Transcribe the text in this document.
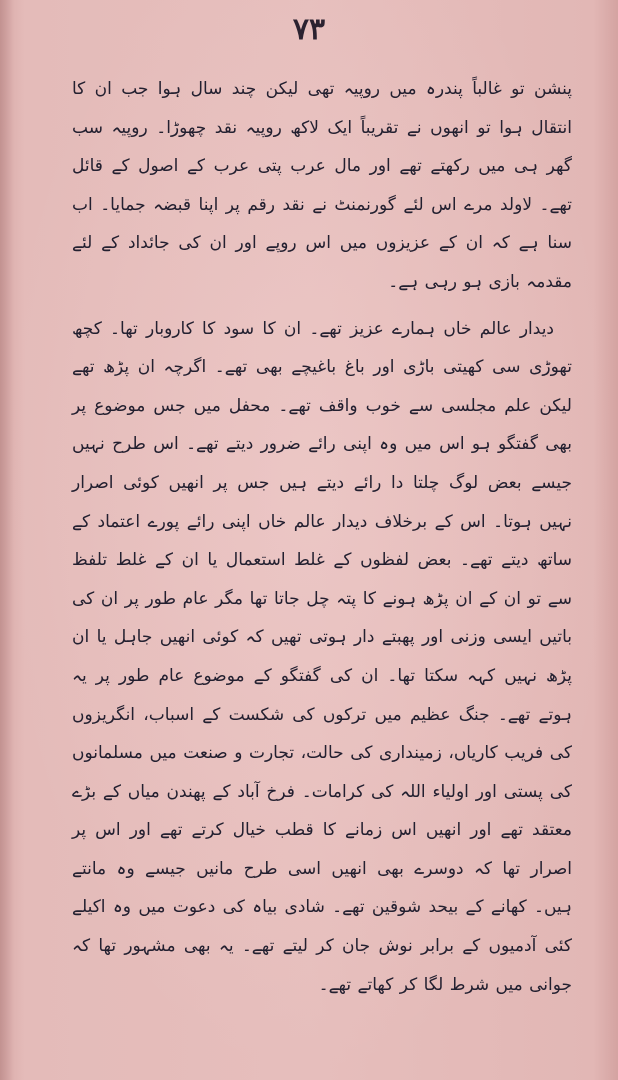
۷۳

پنشن تو غالباً پندرہ میں روپیہ تھی لیکن چند سال ہوا جب ان کا انتقال ہوا تو انھوں نے تقریباً ایک لاکھ روپیہ نقد چھوڑا۔ روپیہ سب گھر ہی میں رکھتے تھے اور مال عرب پتی عرب کے اصول کے قائل تھے۔ لاولد مرے اس لئے گورنمنٹ نے نقد رقم پر اپنا قبضہ جمایا۔ اب سنا ہے کہ ان کے عزیزوں میں اس روپے اور ان کی جائداد کے لئے مقدمہ بازی ہو رہی ہے۔

دیدار عالم خاں ہمارے عزیز تھے۔ ان کا سود کا کاروبار تھا۔ کچھ تھوڑی سی کھیتی باڑی اور باغ باغیچے بھی تھے۔ اگرچہ ان پڑھ تھے لیکن علم مجلسی سے خوب واقف تھے۔ محفل میں جس موضوع پر بھی گفتگو ہو اس میں وہ اپنی رائے ضرور دیتے تھے۔ اس طرح نہیں جیسے بعض لوگ چلتا دا رائے دیتے ہیں جس پر انھیں کوئی اصرار نہیں ہوتا۔ اس کے برخلاف دیدار عالم خاں اپنی رائے پورے اعتماد کے ساتھ دیتے تھے۔ بعض لفظوں کے غلط استعمال یا ان کے غلط تلفظ سے تو ان کے ان پڑھ ہونے کا پتہ چل جاتا تھا مگر عام طور پر ان کی باتیں ایسی وزنی اور پھبتے دار ہوتی تھیں کہ کوئی انھیں جاہل یا ان پڑھ نہیں کہہ سکتا تھا۔ ان کی گفتگو کے موضوع عام طور پر یہ ہوتے تھے۔ جنگ عظیم میں ترکوں کی شکست کے اسباب، انگریزوں کی فریب کاریاں، زمینداری کی حالت، تجارت و صنعت میں مسلمانوں کی پستی اور اولیاء اللہ کی کرامات۔ فرخ آباد کے پھندن میاں کے بڑے معتقد تھے اور انھیں اس زمانے کا قطب خیال کرتے تھے اور اس پر اصرار تھا کہ دوسرے بھی انھیں اسی طرح مانیں جیسے وہ مانتے ہیں۔ کھانے کے بیحد شوقین تھے۔ شادی بیاہ کی دعوت میں وہ اکیلے کئی آدمیوں کے برابر نوش جان کر لیتے تھے۔ یہ بھی مشہور تھا کہ جوانی میں شرط لگا کر کھاتے تھے۔
